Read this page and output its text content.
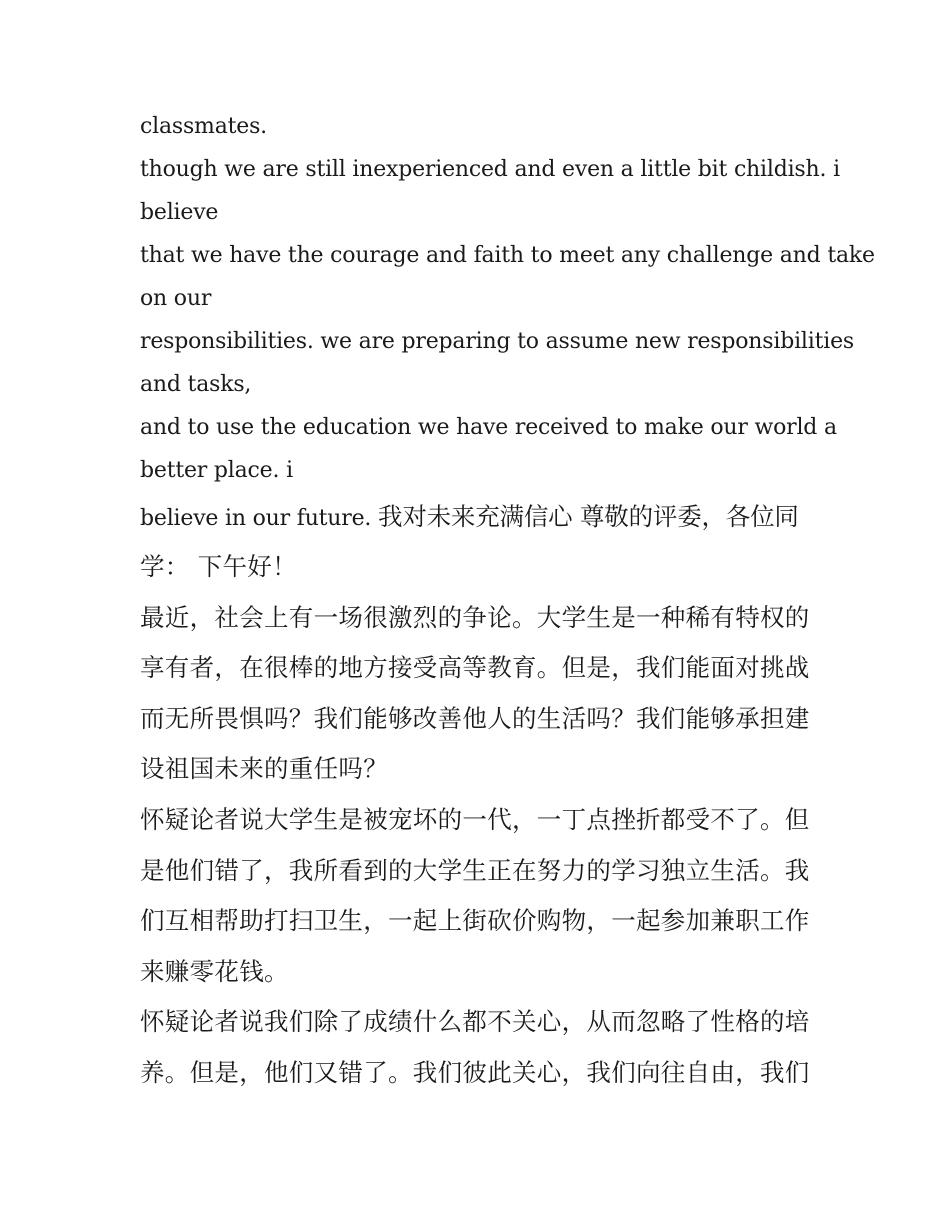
classmates.
though we are still inexperienced and even a little bit childish. i
believe
that we have the courage and faith to meet any challenge and take
on our
responsibilities. we are preparing to assume new responsibilities
and tasks,
and to use the education we have received to make our world a
better place. i
believe in our future. 我对未来充满信心 尊敬的评委，各位同
学： 下午好！
最近，社会上有一场很激烈的争论。大学生是一种稀有特权的
享有者，在很棒的地方接受高等教育。但是，我们能面对挑战
而无所畏惧吗？我们能够改善他人的生活吗？我们能够承担建
设祖国未来的重任吗？
怀疑论者说大学生是被宠坏的一代，一丁点挫折都受不了。但
是他们错了，我所看到的大学生正在努力的学习独立生活。我
们互相帮助打扫卫生，一起上街砍价购物，一起参加兼职工作
来赚零花钱。
怀疑论者说我们除了成绩什么都不关心，从而忽略了性格的培
养。但是，他们又错了。我们彼此关心，我们向往自由，我们
